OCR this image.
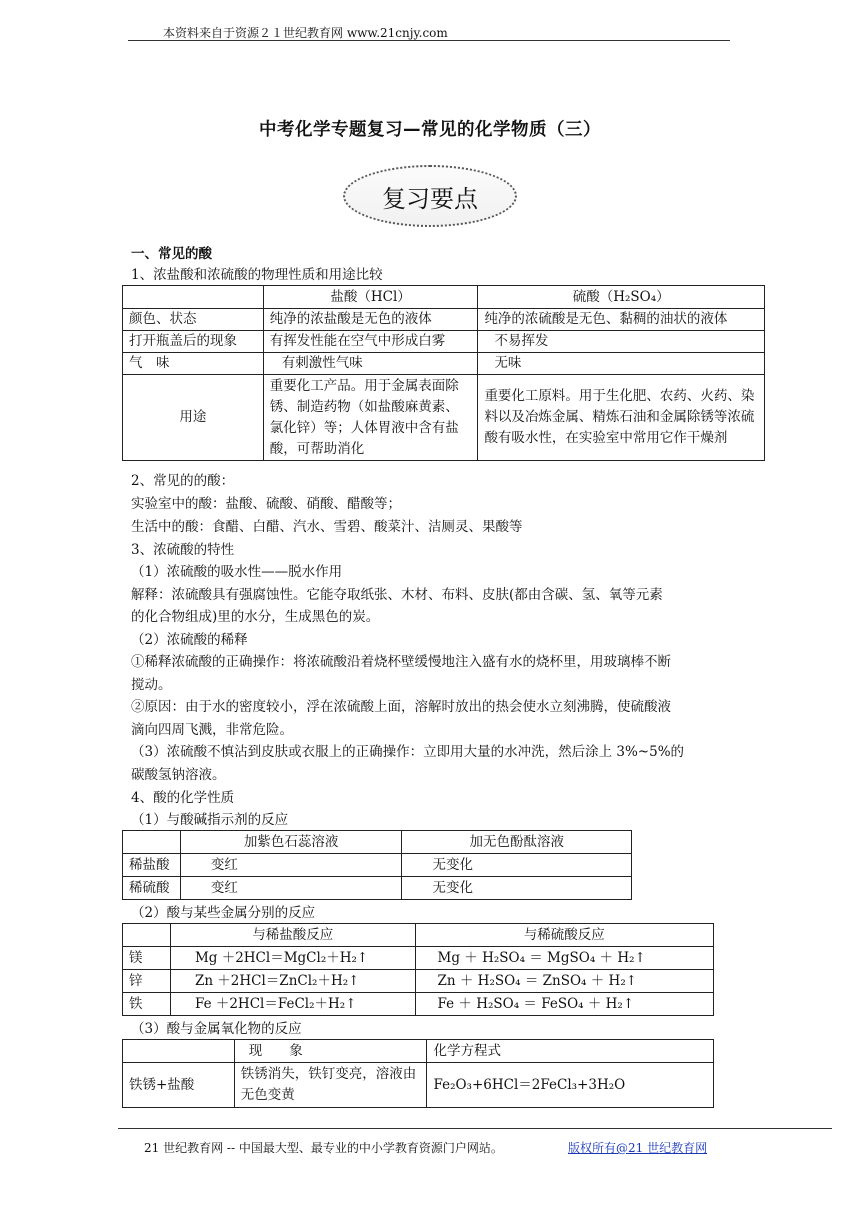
本资料来自于资源２１世纪教育网 www.21cnjy.com
中考化学专题复习—常见的化学物质（三）
复习要点
一、常见的酸
1、浓盐酸和浓硫酸的物理性质和用途比较
	盐酸（HCl）	硫酸（H₂SO₄）
颜色、状态	纯净的浓盐酸是无色的液体	纯净的浓硫酸是无色、黏稠的油状的液体
打开瓶盖后的现象	有挥发性能在空气中形成白雾	不易挥发
气　味	有刺激性气味	无味
用途	重要化工产品。用于金属表面除锈、制造药物（如盐酸麻黄素、氯化锌）等；人体胃液中含有盐酸，可帮助消化	重要化工原料。用于生化肥、农药、火药、染料以及冶炼金属、精炼石油和金属除锈等浓硫酸有吸水性，在实验室中常用它作干燥剂
2、常见的的酸：
实验室中的酸：盐酸、硫酸、硝酸、醋酸等；
生活中的酸：食醋、白醋、汽水、雪碧、酸菜汁、洁厕灵、果酸等
3、浓硫酸的特性
（1）浓硫酸的吸水性——脱水作用
解释：浓硫酸具有强腐蚀性。它能夺取纸张、木材、布料、皮肤(都由含碳、氢、氧等元素
的化合物组成)里的水分，生成黑色的炭。
（2）浓硫酸的稀释
①稀释浓硫酸的正确操作：将浓硫酸沿着烧杯壁缓慢地注入盛有水的烧杯里，用玻璃棒不断
搅动。
②原因：由于水的密度较小，浮在浓硫酸上面，溶解时放出的热会使水立刻沸腾，使硫酸液
滴向四周飞溅，非常危险。
（3）浓硫酸不慎沾到皮肤或衣服上的正确操作：立即用大量的水冲洗，然后涂上 3%~5%的
碳酸氢钠溶液。
4、酸的化学性质
（1）与酸碱指示剂的反应
	加紫色石蕊溶液	加无色酚酞溶液
稀盐酸	变红	无变化
稀硫酸	变红	无变化
（2）酸与某些金属分别的反应
	与稀盐酸反应	与稀硫酸反应
镁	Mg ＋2HCl＝MgCl₂＋H₂↑	Mg ＋ H₂SO₄ ＝ MgSO₄ ＋ H₂↑
锌	Zn ＋2HCl＝ZnCl₂＋H₂↑	Zn ＋ H₂SO₄ ＝ ZnSO₄ ＋ H₂↑
铁	Fe ＋2HCl＝FeCl₂＋H₂↑	Fe ＋ H₂SO₄ ＝ FeSO₄ ＋ H₂↑
（3）酸与金属氧化物的反应
	现　　象	化学方程式
铁锈+盐酸	铁锈消失，铁钉变亮，溶液由无色变黄	Fe₂O₃+6HCl＝2FeCl₃+3H₂O
21 世纪教育网 -- 中国最大型、最专业的中小学教育资源门户网站。	版权所有@21 世纪教育网
